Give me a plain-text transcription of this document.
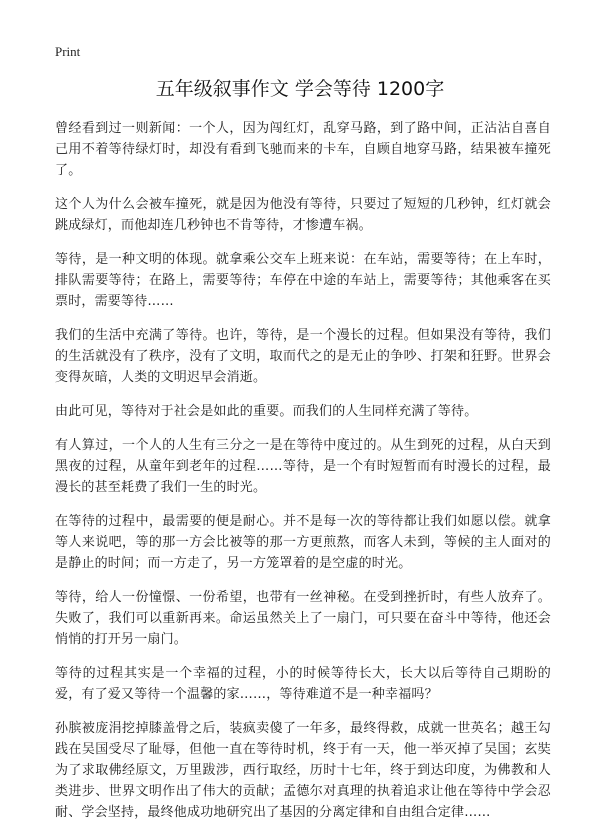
Print
五年级叙事作文 学会等待 1200字

曾经看到过一则新闻：一个人，因为闯红灯，乱穿马路，到了路中间，正沾沾自喜自己用不着等待绿灯时，却没有看到飞驰而来的卡车，自顾自地穿马路，结果被车撞死了。

这个人为什么会被车撞死，就是因为他没有等待，只要过了短短的几秒钟，红灯就会跳成绿灯，而他却连几秒钟也不肯等待，才惨遭车祸。

等待，是一种文明的体现。就拿乘公交车上班来说：在车站，需要等待；在上车时，排队需要等待；在路上，需要等待；车停在中途的车站上，需要等待；其他乘客在买票时，需要等待……

我们的生活中充满了等待。也许，等待，是一个漫长的过程。但如果没有等待，我们的生活就没有了秩序，没有了文明，取而代之的是无止的争吵、打架和狂野。世界会变得灰暗，人类的文明迟早会消逝。

由此可见，等待对于社会是如此的重要。而我们的人生同样充满了等待。

有人算过，一个人的人生有三分之一是在等待中度过的。从生到死的过程，从白天到黑夜的过程，从童年到老年的过程……等待，是一个有时短暂而有时漫长的过程，最漫长的甚至耗费了我们一生的时光。

在等待的过程中，最需要的便是耐心。并不是每一次的等待都让我们如愿以偿。就拿等人来说吧，等的那一方会比被等的那一方更煎熬，而客人未到，等候的主人面对的是静止的时间；而一方走了，另一方笼罩着的是空虚的时光。

等待，给人一份憧憬、一份希望，也带有一丝神秘。在受到挫折时，有些人放弃了。失败了，我们可以重新再来。命运虽然关上了一扇门，可只要在奋斗中等待，他还会悄悄的打开另一扇门。

等待的过程其实是一个幸福的过程，小的时候等待长大，长大以后等待自己期盼的爱，有了爱又等待一个温馨的家……，等待难道不是一种幸福吗？

孙膑被庞涓挖掉膝盖骨之后，装疯卖傻了一年多，最终得救，成就一世英名；越王勾践在吴国受尽了耻辱，但他一直在等待时机，终于有一天，他一举灭掉了吴国；玄奘为了求取佛经原文，万里跋涉，西行取经，历时十七年，终于到达印度，为佛教和人类进步、世界文明作出了伟大的贡献；孟德尔对真理的执着追求让他在等待中学会忍耐、学会坚持，最终他成功地研究出了基因的分离定律和自由组合定律……
